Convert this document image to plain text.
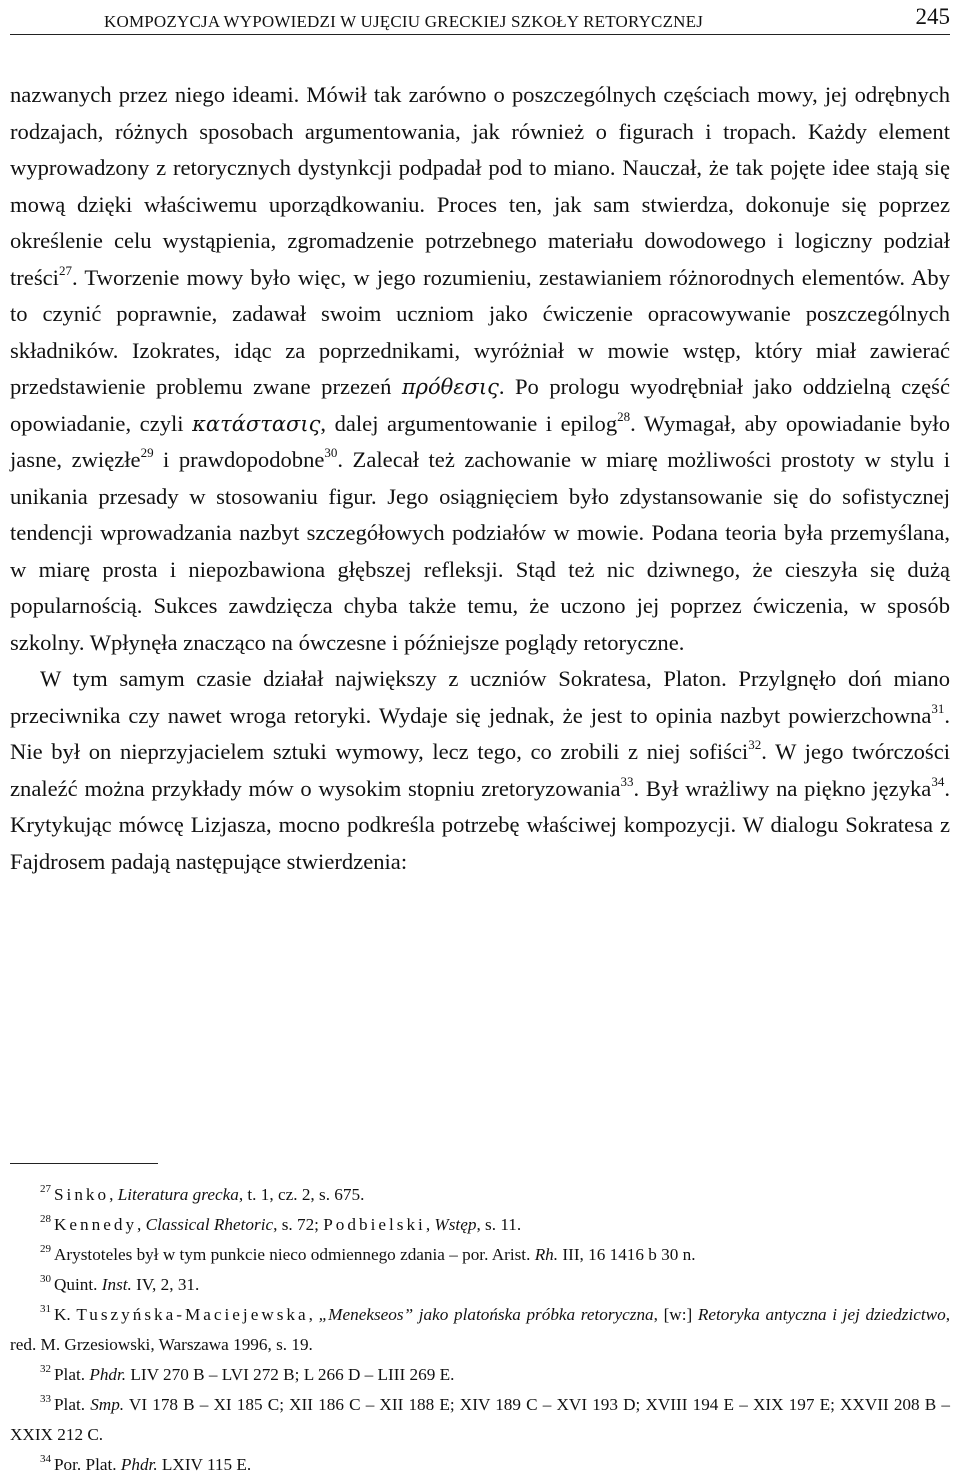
KOMPOZYCJA WYPOWIEDZI W UJĘCIU GRECKIEJ SZKOŁY RETORYCZNEJ	245

nazwanych przez niego ideami. Mówił tak zarówno o poszczególnych częściach mowy, jej odrębnych rodzajach, różnych sposobach argumentowania, jak również o figurach i tropach. Każdy element wyprowadzony z retorycznych dystynkcji podpadał pod to miano. Nauczał, że tak pojęte idee stają się mową dzięki właściwemu uporządkowaniu. Proces ten, jak sam stwierdza, dokonuje się poprzez określenie celu wystąpienia, zgromadzenie potrzebnego materiału dowodowego i logiczny podział treści$^{27}$. Tworzenie mowy było więc, w jego rozumieniu, zestawianiem różnorodnych elementów. Aby to czynić poprawnie, zadawał swoim uczniom jako ćwiczenie opracowywanie poszczególnych składników. Izokrates, idąc za poprzednikami, wyróżniał w mowie wstęp, który miał zawierać przedstawienie problemu zwane przezeń πρόθεσις. Po prologu wyodrębniał jako oddzielną część opowiadanie, czyli κατάστασις, dalej argumentowanie i epilog$^{28}$. Wymagał, aby opowiadanie było jasne, zwięzłe$^{29}$ i prawdopodobne$^{30}$. Zalecał też zachowanie w miarę możliwości prostoty w stylu i unikania przesady w stosowaniu figur. Jego osiągnięciem było zdystansowanie się do sofistycznej tendencji wprowadzania nazbyt szczegółowych podziałów w mowie. Podana teoria była przemyślana, w miarę prosta i niepozbawiona głębszej refleksji. Stąd też nic dziwnego, że cieszyła się dużą popularnością. Sukces zawdzięcza chyba także temu, że uczono jej poprzez ćwiczenia, w sposób szkolny. Wpłynęła znacząco na ówczesne i późniejsze poglądy retoryczne.

W tym samym czasie działał największy z uczniów Sokratesa, Platon. Przylgnęło doń miano przeciwnika czy nawet wroga retoryki. Wydaje się jednak, że jest to opinia nazbyt powierzchowna$^{31}$. Nie był on nieprzyjacielem sztuki wymowy, lecz tego, co zrobili z niej sofiści$^{32}$. W jego twórczości znaleźć można przykłady mów o wysokim stopniu zretoryzowania$^{33}$. Był wrażliwy na piękno języka$^{34}$. Krytykując mówcę Lizjasza, mocno podkreśla potrzebę właściwej kompozycji. W dialogu Sokratesa z Fajdrosem padają następujące stwierdzenia:

$^{27}$ Sinko, Literatura grecka, t. 1, cz. 2, s. 675.

$^{28}$ Kennedy, Classical Rhetoric, s. 72; Podbielski, Wstęp, s. 11.

$^{29}$ Arystoteles był w tym punkcie nieco odmiennego zdania – por. Arist. Rh. III, 16 1416 b 30 n.

$^{30}$ Quint. Inst. IV, 2, 31.

$^{31}$ K. Tuszyńska-Maciejewska, „Menekseos” jako platońska próbka retoryczna, [w:] Retoryka antyczna i jej dziedzictwo, red. M. Grzesiowski, Warszawa 1996, s. 19.

$^{32}$ Plat. Phdr. LIV 270 B – LVI 272 B; L 266 D – LIII 269 E.

$^{33}$ Plat. Smp. VI 178 B – XI 185 C; XII 186 C – XII 188 E; XIV 189 C – XVI 193 D; XVIII 194 E – XIX 197 E; XXVII 208 B – XXIX 212 C.

$^{34}$ Por. Plat. Phdr. LXIV 115 E.
